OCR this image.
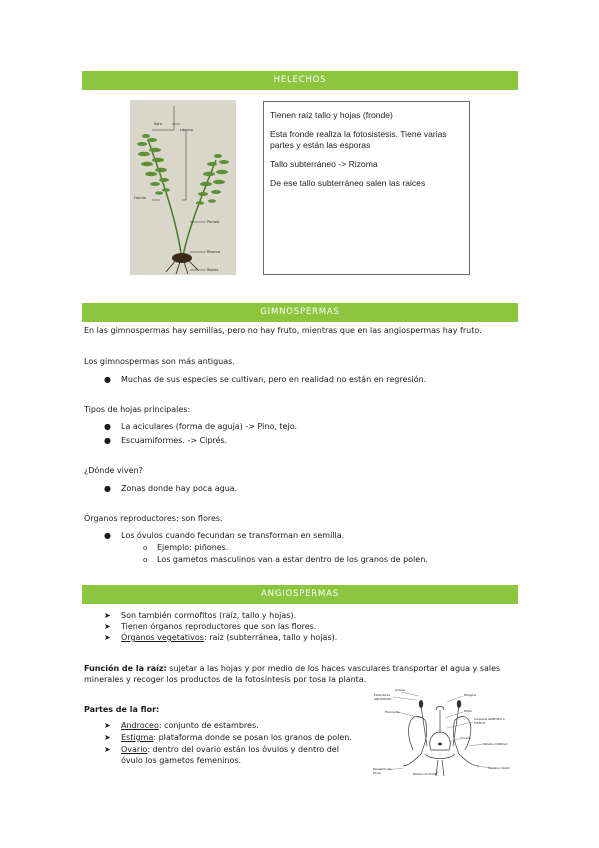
HELECHOS
Sora
Lámina
Fronde
Peciolo
Rizoma
Raíces

Tienen raíz tallo y hojas (fronde)

Esta fronde realiza la fotosistesis. Tiene varias partes y están las esporas

Tallo subterráneo -> Rizoma

De ese tallo subterráneo salen las raices

GIMNOSPERMAS
En las gimnospermas hay semillas, pero no hay fruto, mientras que en las angiospermas hay fruto.
Los gimnospermas son más antiguas.
● Muchas de sus especies se cultivan, pero en realidad no están en regresión.
Tipos de hojas principales:
● La aciculares (forma de aguja) -> Pino, tejo.
● Escuamiformes. -> Ciprés.
¿Dónde viven?
● Zonas donde hay poca agua.
Órganos reproductores: son flores.
● Los óvulos cuando fecundan se transforman en semilla.
o Ejemplo: piñones.
o Los gametos masculinos van a estar dentro de los granos de polen.
ANGIOSPERMAS
➤ Son también cormofitos (raíz, tallo y hojas).
➤ Tienen órganos reproductores que son las flores.
➤ Órganos vegetativos: raíz (subterránea, tallo y hojas).
Función de la raíz: sujetar a las hojas y por medio de los haces vasculares transportar el agua y sales
minerales y recoger los productos de la fotosíntesis por tosa la planta.
Partes de la flor:
➤ Androceo: conjunto de estambres.
➤ Estigma: plataforma donde se posan los granos de polen.
➤ Ovario: dentro del ovario están los óvulos y dentro del
óvulo los gametos femeninos.
Estambres ANDROCEO
Antera
Filamento
Estigma
Estilo
Ovario
Carpelos GINECEO o PISTILO
Pétalos COROLA
Sépalos CÁLIZ
Receptáculo floral	Pedúnculo floral
